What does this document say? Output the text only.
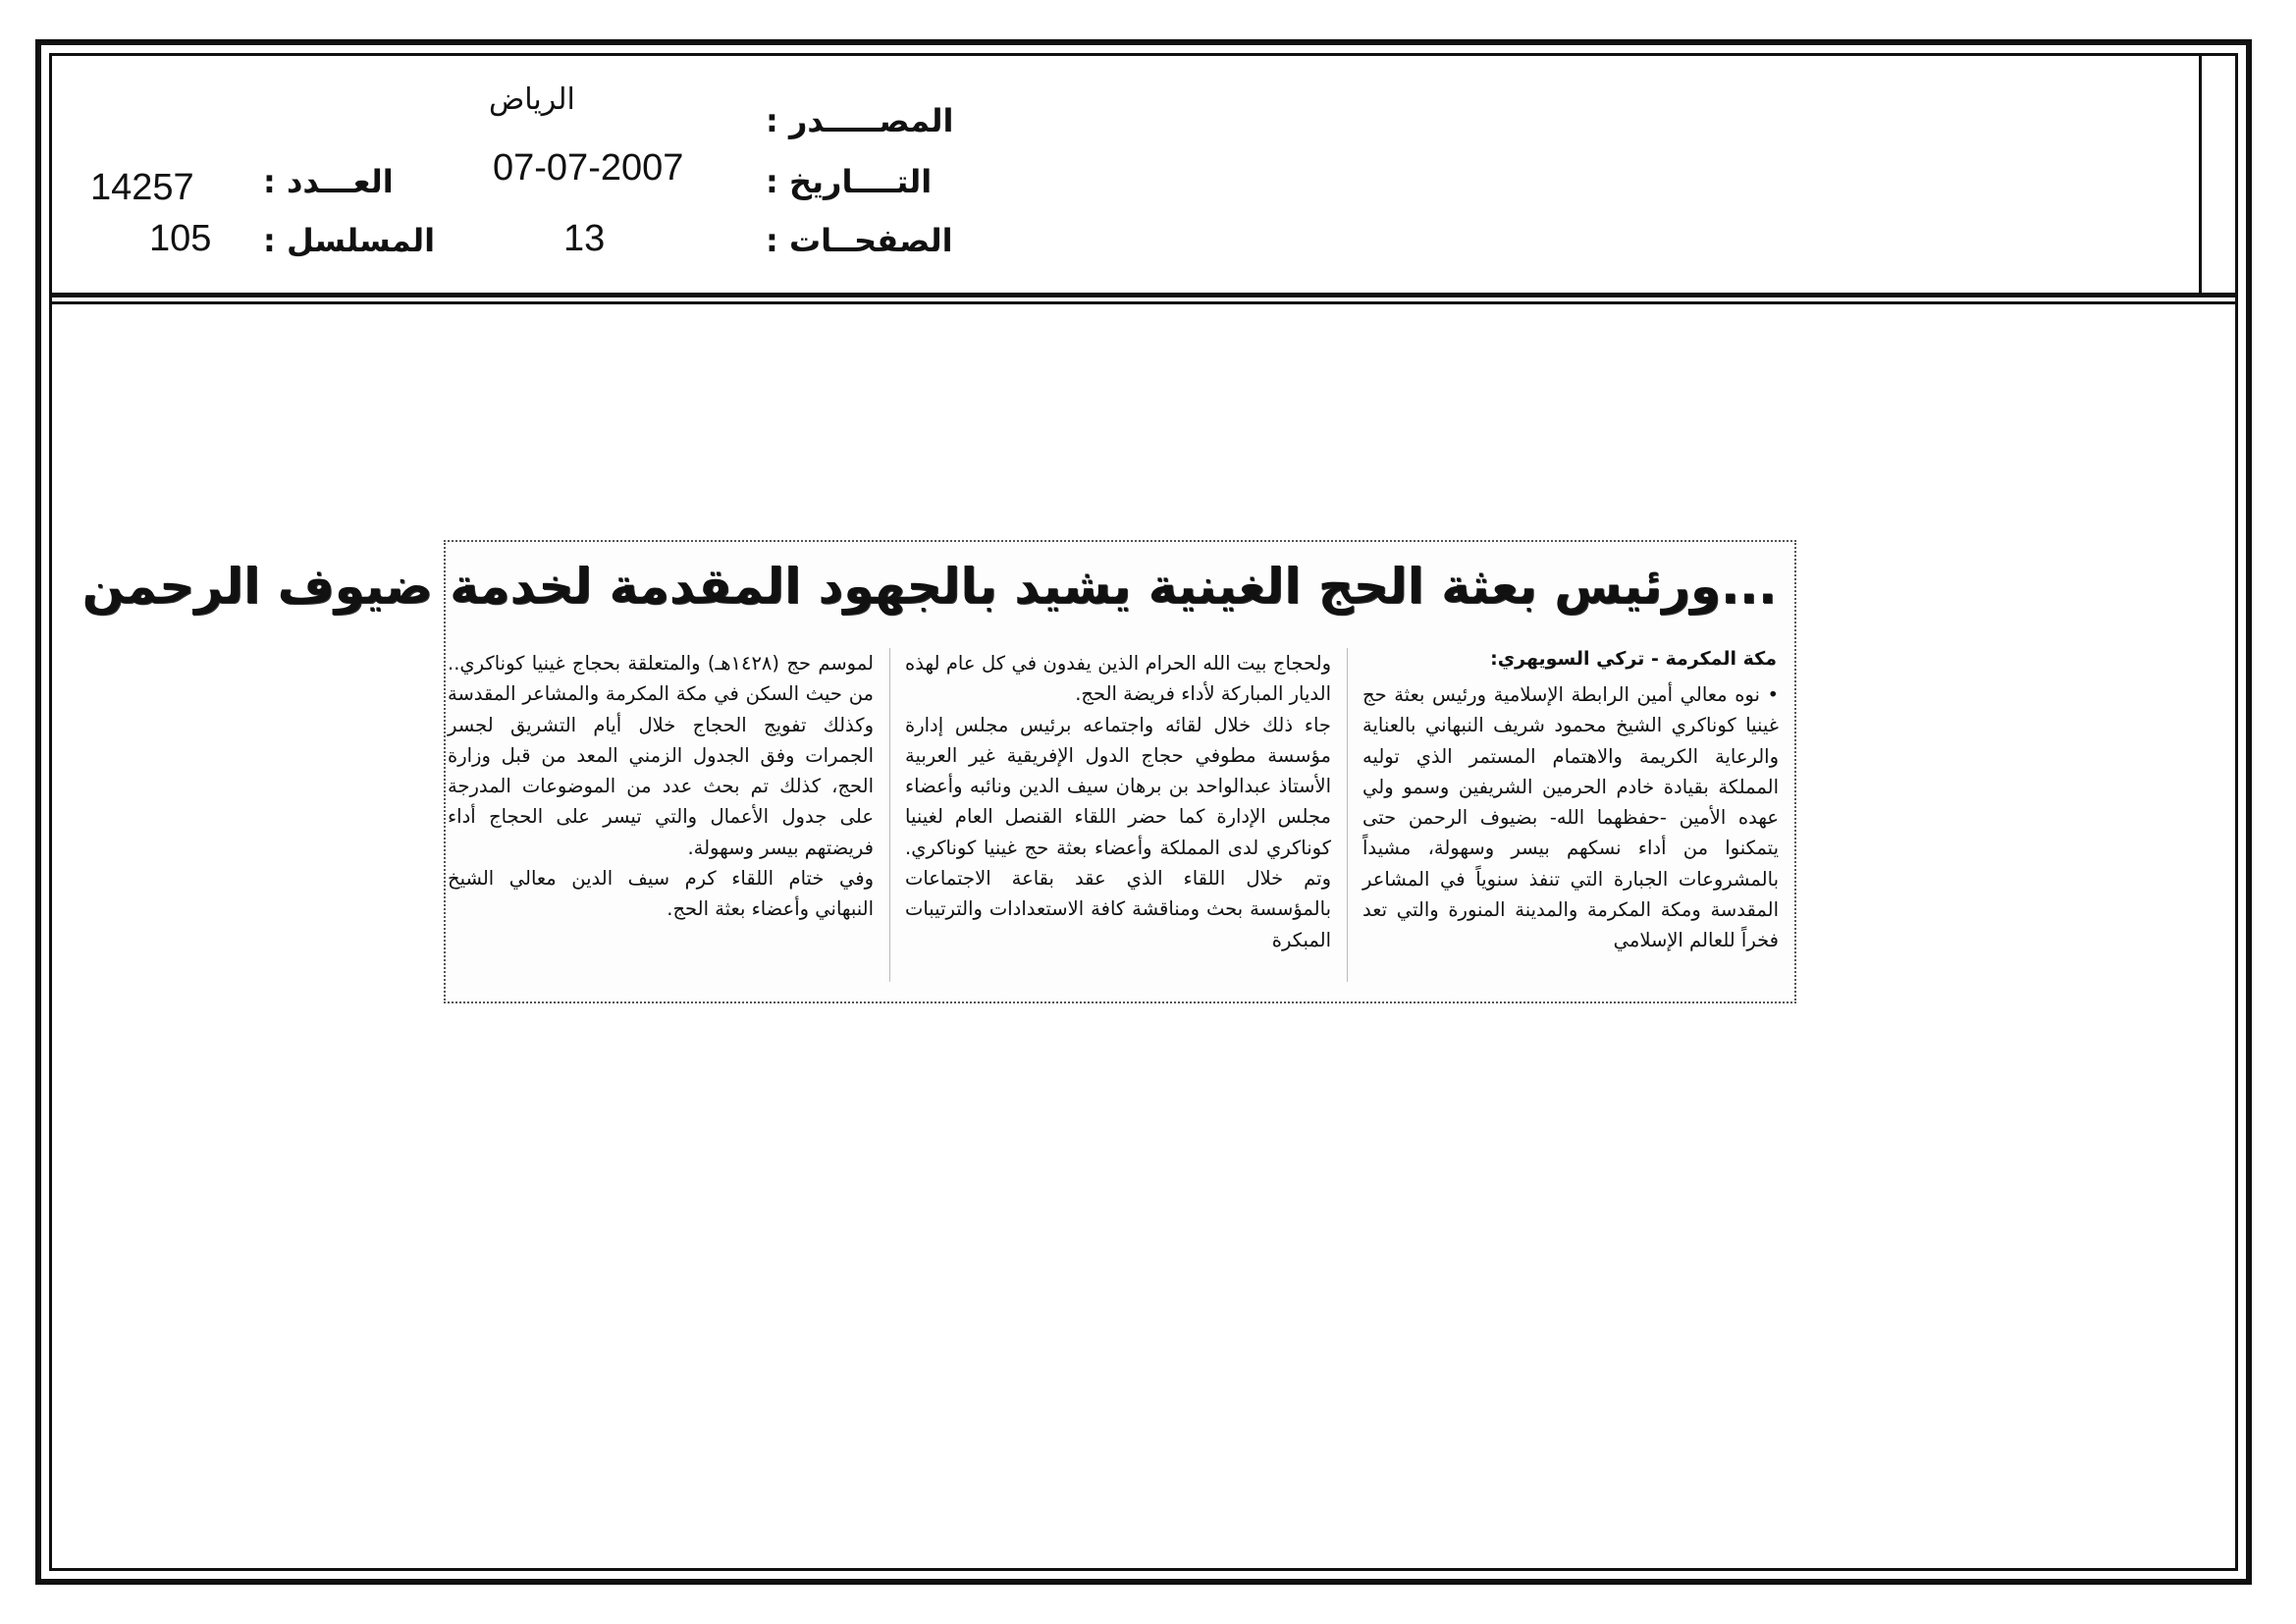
المصـــــدر :
الرياض
التــــاريخ :
07-07-2007
الصفحــات :
13
العـــدد :
14257
المسلسل :
105
...ورئيس بعثة الحج الغينية يشيد بالجهود المقدمة لخدمة ضيوف الرحمن
مكة المكرمة - تركي السويهري:

• نوه معالي أمين الرابطة الإسلامية ورئيس بعثة حج غينيا كوناكري الشيخ محمود شريف النبهاني بالعناية والرعاية الكريمة والاهتمام المستمر الذي توليه المملكة بقيادة خادم الحرمين الشريفين وسمو ولي عهده الأمين -حفظهما الله- بضيوف الرحمن حتى يتمكنوا من أداء نسكهم بيسر وسهولة، مشيداً بالمشروعات الجبارة التي تنفذ سنوياً في المشاعر المقدسة ومكة المكرمة والمدينة المنورة والتي تعد فخراً للعالم الإسلامي

ولحجاج بيت الله الحرام الذين يفدون في كل عام لهذه الديار المباركة لأداء فريضة الحج.

جاء ذلك خلال لقائه واجتماعه برئيس مجلس إدارة مؤسسة مطوفي حجاج الدول الإفريقية غير العربية الأستاذ عبدالواحد بن برهان سيف الدين ونائبه وأعضاء مجلس الإدارة كما حضر اللقاء القنصل العام لغينيا كوناكري لدى المملكة وأعضاء بعثة حج غينيا كوناكري. وتم خلال اللقاء الذي عقد بقاعة الاجتماعات بالمؤسسة بحث ومناقشة كافة الاستعدادات والترتيبات المبكرة

لموسم حج (١٤٢٨هـ) والمتعلقة بحجاج غينيا كوناكري.. من حيث السكن في مكة المكرمة والمشاعر المقدسة وكذلك تفويج الحجاج خلال أيام التشريق لجسر الجمرات وفق الجدول الزمني المعد من قبل وزارة الحج، كذلك تم بحث عدد من الموضوعات المدرجة على جدول الأعمال والتي تيسر على الحجاج أداء فريضتهم بيسر وسهولة.

وفي ختام اللقاء كرم سيف الدين معالي الشيخ النبهاني وأعضاء بعثة الحج.
